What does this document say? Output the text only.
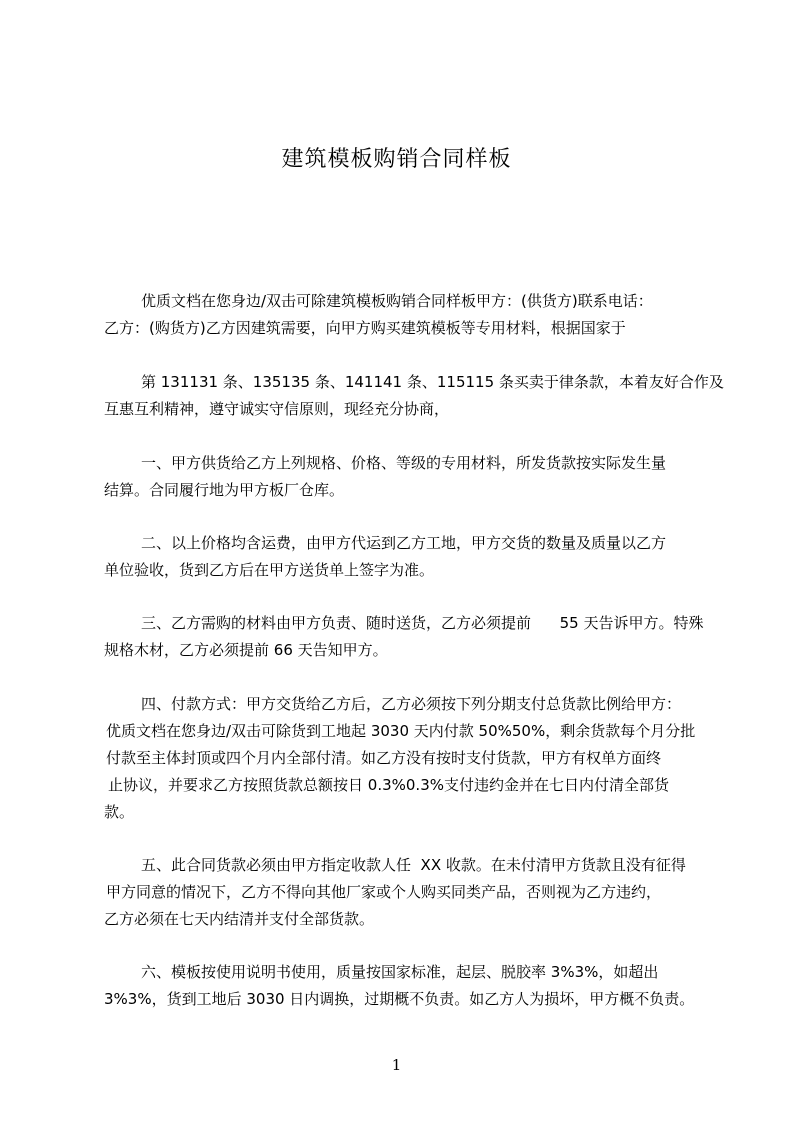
建筑模板购销合同样板
优质文档在您身边/双击可除建筑模板购销合同样板甲方：(供货方)联系电话：
乙方：(购货方)乙方因建筑需要，向甲方购买建筑模板等专用材料，根据国家于
第 131131 条、135135 条、141141 条、115115 条买卖于律条款，本着友好合作及
互惠互利精神，遵守诚实守信原则，现经充分协商，
一、甲方供货给乙方上列规格、价格、等级的专用材料，所发货款按实际发生量
结算。合同履行地为甲方板厂仓库。
二、以上价格均含运费，由甲方代运到乙方工地，甲方交货的数量及质量以乙方
单位验收，货到乙方后在甲方送货单上签字为准。
三、乙方需购的材料由甲方负责、随时送货，乙方必须提前      55 天告诉甲方。特殊
规格木材，乙方必须提前 66 天告知甲方。
四、付款方式：甲方交货给乙方后，乙方必须按下列分期支付总货款比例给甲方：
优质文档在您身边/双击可除货到工地起 3030 天内付款 50%50%，剩余货款每个月分批
付款至主体封顶或四个月内全部付清。如乙方没有按时支付货款，甲方有权单方面终
止协议，并要求乙方按照货款总额按日 0.3%0.3%支付违约金并在七日内付清全部货
款。
五、此合同货款必须由甲方指定收款人任  XX 收款。在未付清甲方货款且没有征得
甲方同意的情况下，乙方不得向其他厂家或个人购买同类产品，否则视为乙方违约，
乙方必须在七天内结清并支付全部货款。
六、模板按使用说明书使用，质量按国家标准，起层、脱胶率 3%3%，如超出
3%3%，货到工地后 3030 日内调换，过期概不负责。如乙方人为损坏，甲方概不负责。
1
